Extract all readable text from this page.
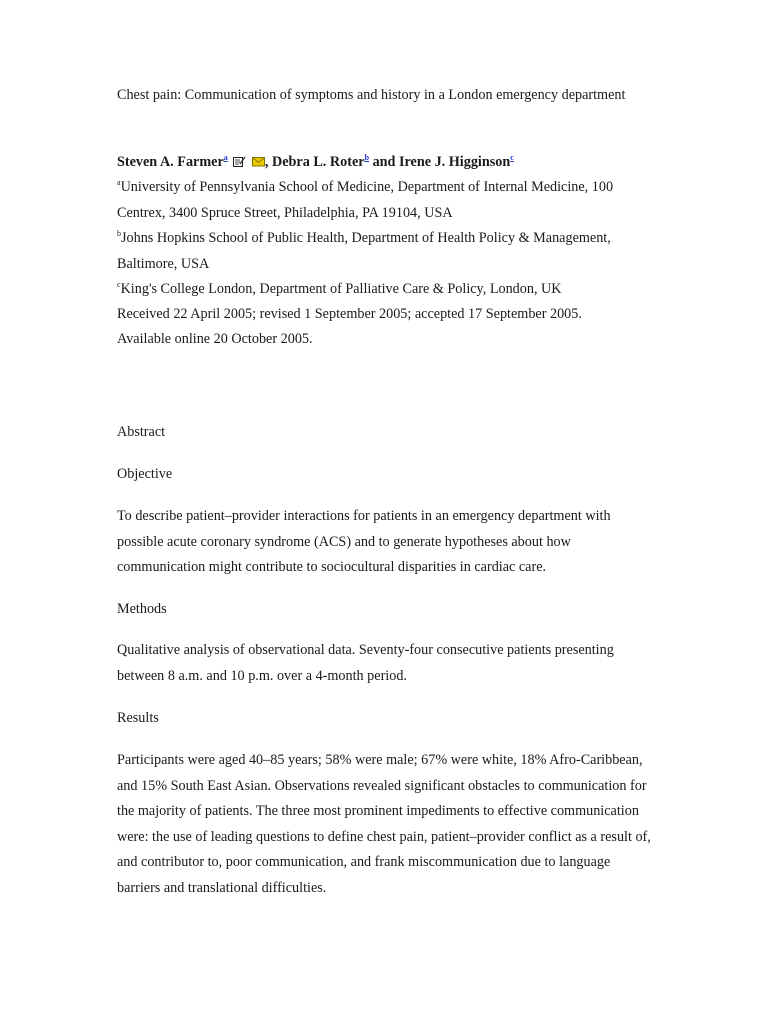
Chest pain: Communication of symptoms and history in a London emergency department

Steven A. Farmer$^a$	, Debra L. Roter$^b$ and Irene J. Higginson$^c$

$^a$University of Pennsylvania School of Medicine, Department of Internal Medicine, 100 Centrex, 3400 Spruce Street, Philadelphia, PA 19104, USA

$^b$Johns Hopkins School of Public Health, Department of Health Policy & Management, Baltimore, USA

$^c$King's College London, Department of Palliative Care & Policy, London, UK

Received 22 April 2005; revised 1 September 2005; accepted 17 September 2005.

Available online 20 October 2005.

Abstract

Objective

To describe patient–provider interactions for patients in an emergency department with possible acute coronary syndrome (ACS) and to generate hypotheses about how communication might contribute to sociocultural disparities in cardiac care.

Methods

Qualitative analysis of observational data. Seventy-four consecutive patients presenting between 8 a.m. and 10 p.m. over a 4-month period.

Results

Participants were aged 40–85 years; 58% were male; 67% were white, 18% Afro-Caribbean, and 15% South East Asian. Observations revealed significant obstacles to communication for the majority of patients. The three most prominent impediments to effective communication were: the use of leading questions to define chest pain, patient–provider conflict as a result of, and contributor to, poor communication, and frank miscommunication due to language barriers and translational difficulties.
